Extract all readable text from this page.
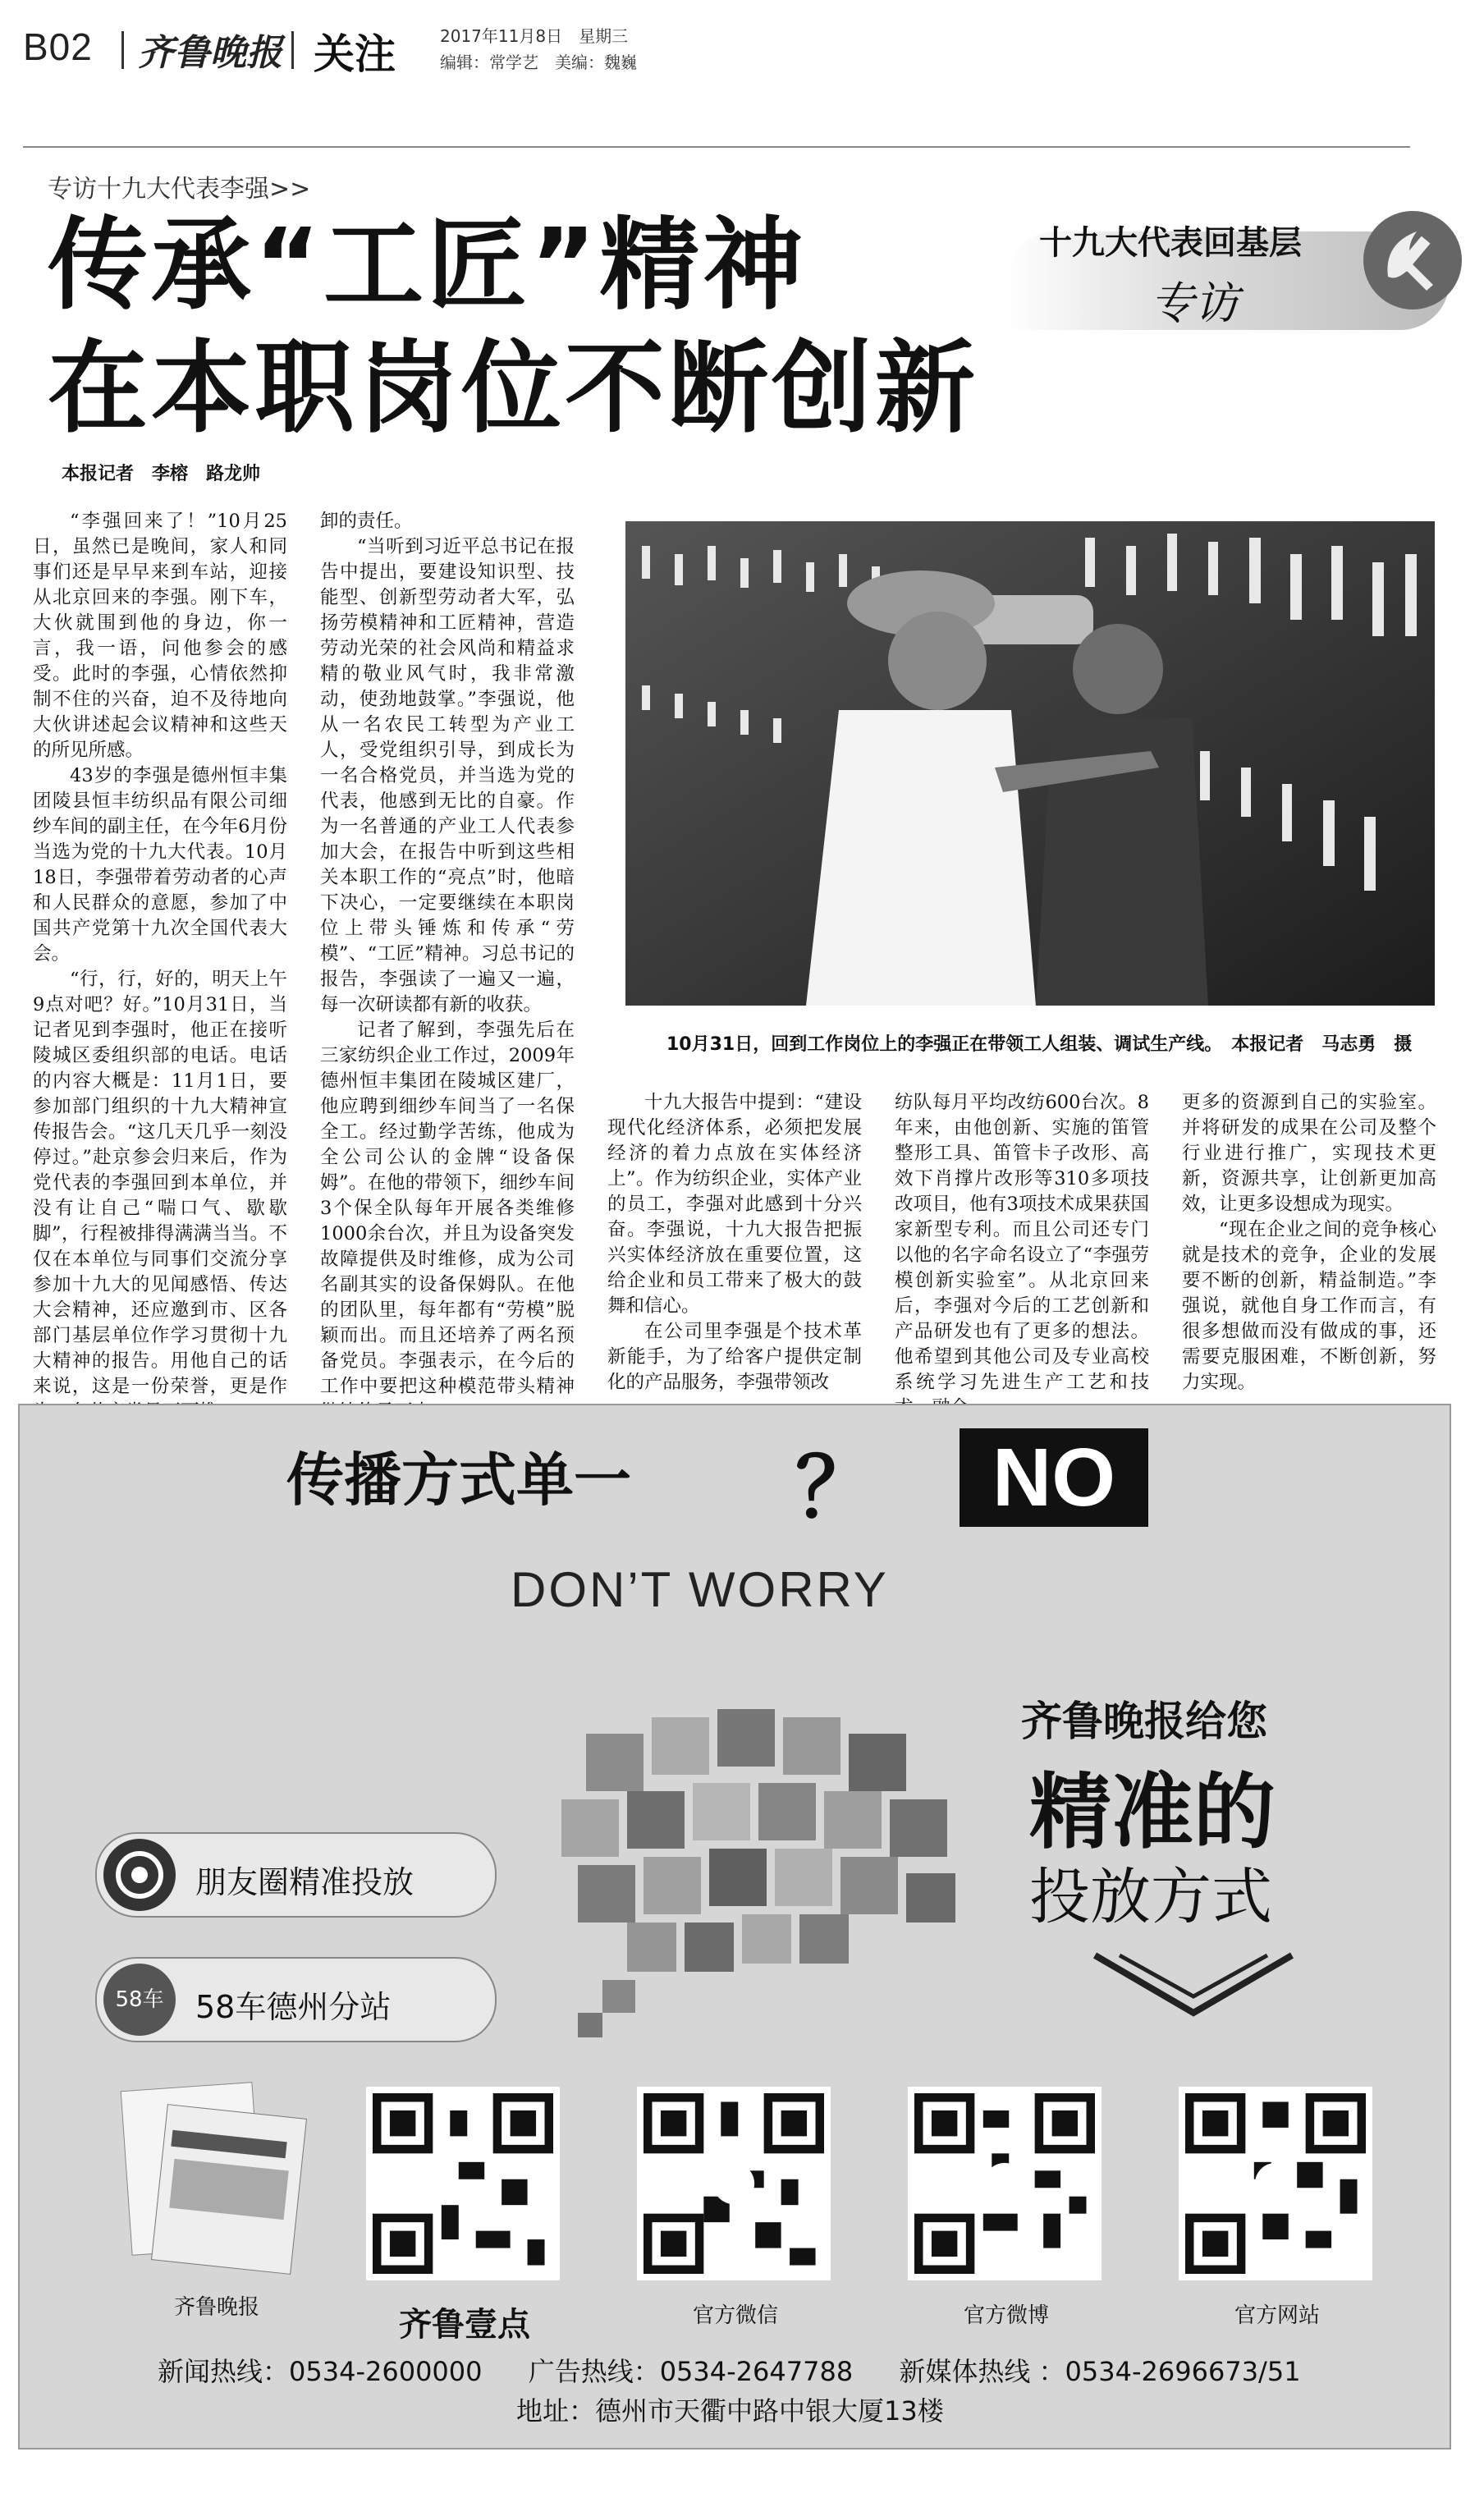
B02 齐鲁晚报 关注	2017年11月8日　星期三
编辑：常学艺　美编：魏巍
专访十九大代表李强>>
传承“工匠”精神
在本职岗位不断创新
本报记者　李榕　路龙帅
十九大代表回基层
专访

“李强回来了！”10月25日，虽然已是晚间，家人和同事们还是早早来到车站，迎接从北京回来的李强。刚下车，大伙就围到他的身边，你一言，我一语，问他参会的感受。此时的李强，心情依然抑制不住的兴奋，迫不及待地向大伙讲述起会议精神和这些天的所见所感。

43岁的李强是德州恒丰集团陵县恒丰纺织品有限公司细纱车间的副主任，在今年6月份当选为党的十九大代表。10月18日，李强带着劳动者的心声和人民群众的意愿，参加了中国共产党第十九次全国代表大会。

“行，行，好的，明天上午9点对吧？好。”10月31日，当记者见到李强时，他正在接听陵城区委组织部的电话。电话的内容大概是：11月1日，要参加部门组织的十九大精神宣传报告会。“这几天几乎一刻没停过。”赴京参会归来后，作为党代表的李强回到本单位，并没有让自己“喘口气、歇歇脚”，行程被排得满满当当。不仅在本单位与同事们交流分享参加十九大的见闻感悟、传达大会精神，还应邀到市、区各部门基层单位作学习贯彻十九大精神的报告。用他自己的话来说，这是一份荣誉，更是作

卸的责任。

“当听到习近平总书记在报告中提出，要建设知识型、技能型、创新型劳动者大军，弘扬劳模精神和工匠精神，营造劳动光荣的社会风尚和精益求精的敬业风气时，我非常激动，使劲地鼓掌。”李强说，他从一名农民工转型为产业工人，受党组织引导，到成长为一名合格党员，并当选为党的代表，他感到无比的自豪。作为一名普通的产业工人代表参加大会，在报告中听到这些相关本职工作的“亮点”时，他暗下决心，一定要继续在本职岗位上带头锤炼和传承“劳模”、“工匠”精神。习总书记的报告，李强读了一遍又一遍，每一次研读都有新的收获。

记者了解到，李强先后在三家纺织企业工作过，2009年德州恒丰集团在陵城区建厂，他应聘到细纱车间当了一名保全工。经过勤学苦练，他成为全公司公认的金牌“设备保姆”。在他的带领下，细纱车间3个保全队每年开展各类维修1000余台次，并且为设备突发故障提供及时维修，成为公司名副其实的设备保姆队。在他的团队里，每年都有“劳模”脱颖而出。而且还培养了两名预备党员。李强表示，在今后的工作中要把这种模范带头精神

10月31日，回到工作岗位上的李强正在带领工人组装、调试生产线。　本报记者　马志勇　摄

十九大报告中提到：“建设现代化经济体系，必须把发展经济的着力点放在实体经济上”。作为纺织企业，实体产业的员工，李强对此感到十分兴奋。李强说，十九大报告把振兴实体经济放在重要位置，这给企业和员工带来了极大的鼓舞和信心。

在公司里李强是个技术革新能手，为了给客户提供定制化的产品服务，李强带领改

纺队每月平均改纺600台次。8年来，由他创新、实施的笛管整形工具、笛管卡子改形、高效下肖撑片改形等310多项技改项目，他有3项技术成果获国家新型专利。而且公司还专门以他的名字命名设立了“李强劳模创新实验室”。从北京回来后，李强对今后的工艺创新和产品研发也有了更多的想法。他希望到其他公司及专业高校系统学习先进生产工艺和技

更多的资源到自己的实验室。并将研发的成果在公司及整个行业进行推广，实现技术更新，资源共享，让创新更加高效，让更多设想成为现实。

“现在企业之间的竞争核心就是技术的竞争，企业的发展要不断的创新，精益制造。”李强说，就他自身工作而言，有很多想做而没有做成的事，还需要克服困难，不断创新，努力实现。

传播方式单一 ？	NO
DON’T WORRY
齐鲁晚报给您
精准的
投放方式
朋友圈精准投放
58车	58车德州分站
齐鲁晚报	齐鲁壹点	官方微信	官方微博	官方网站
新闻热线：0534-2600000 广告热线：0534-2647788 新媒体热线 ：0534-2696673/51
地址：德州市天衢中路中银大厦13楼
